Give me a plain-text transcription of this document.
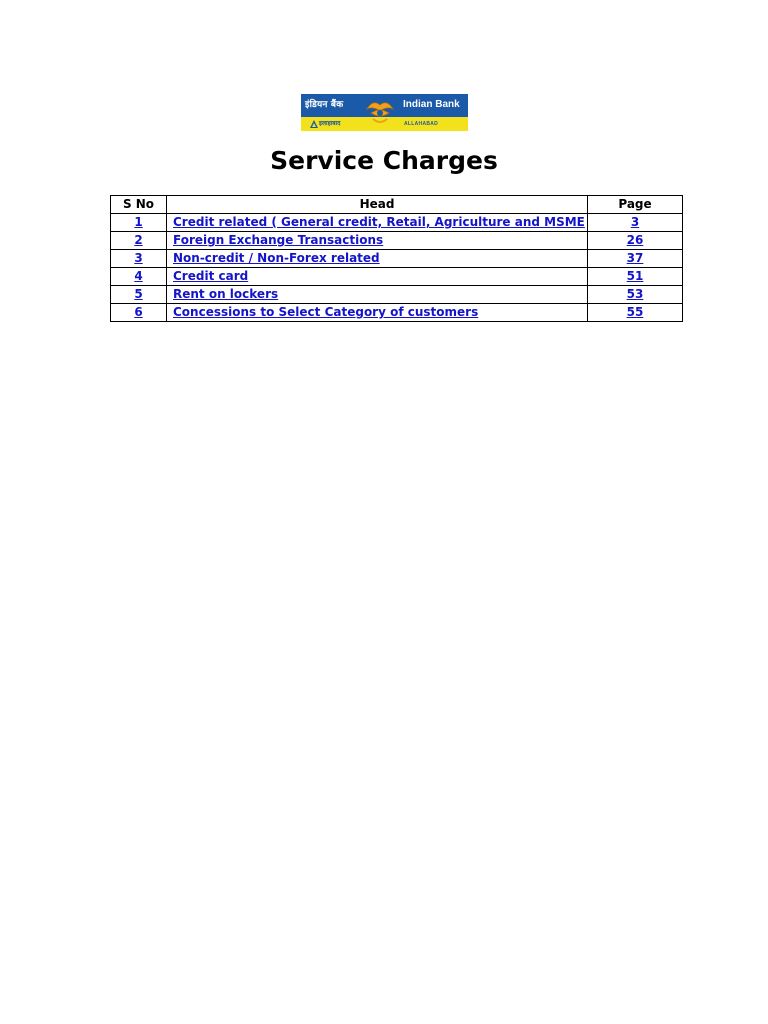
इंडियन बैंक	Indian Bank
इलाहाबाद	ALLAHABAD
Service Charges
S No	Head	Page
1	Credit related ( General credit, Retail, Agriculture and MSME	3
2	Foreign Exchange Transactions	26
3	Non-credit / Non-Forex related	37
4	Credit card	51
5	Rent on lockers	53
6	Concessions to Select Category of customers	55
